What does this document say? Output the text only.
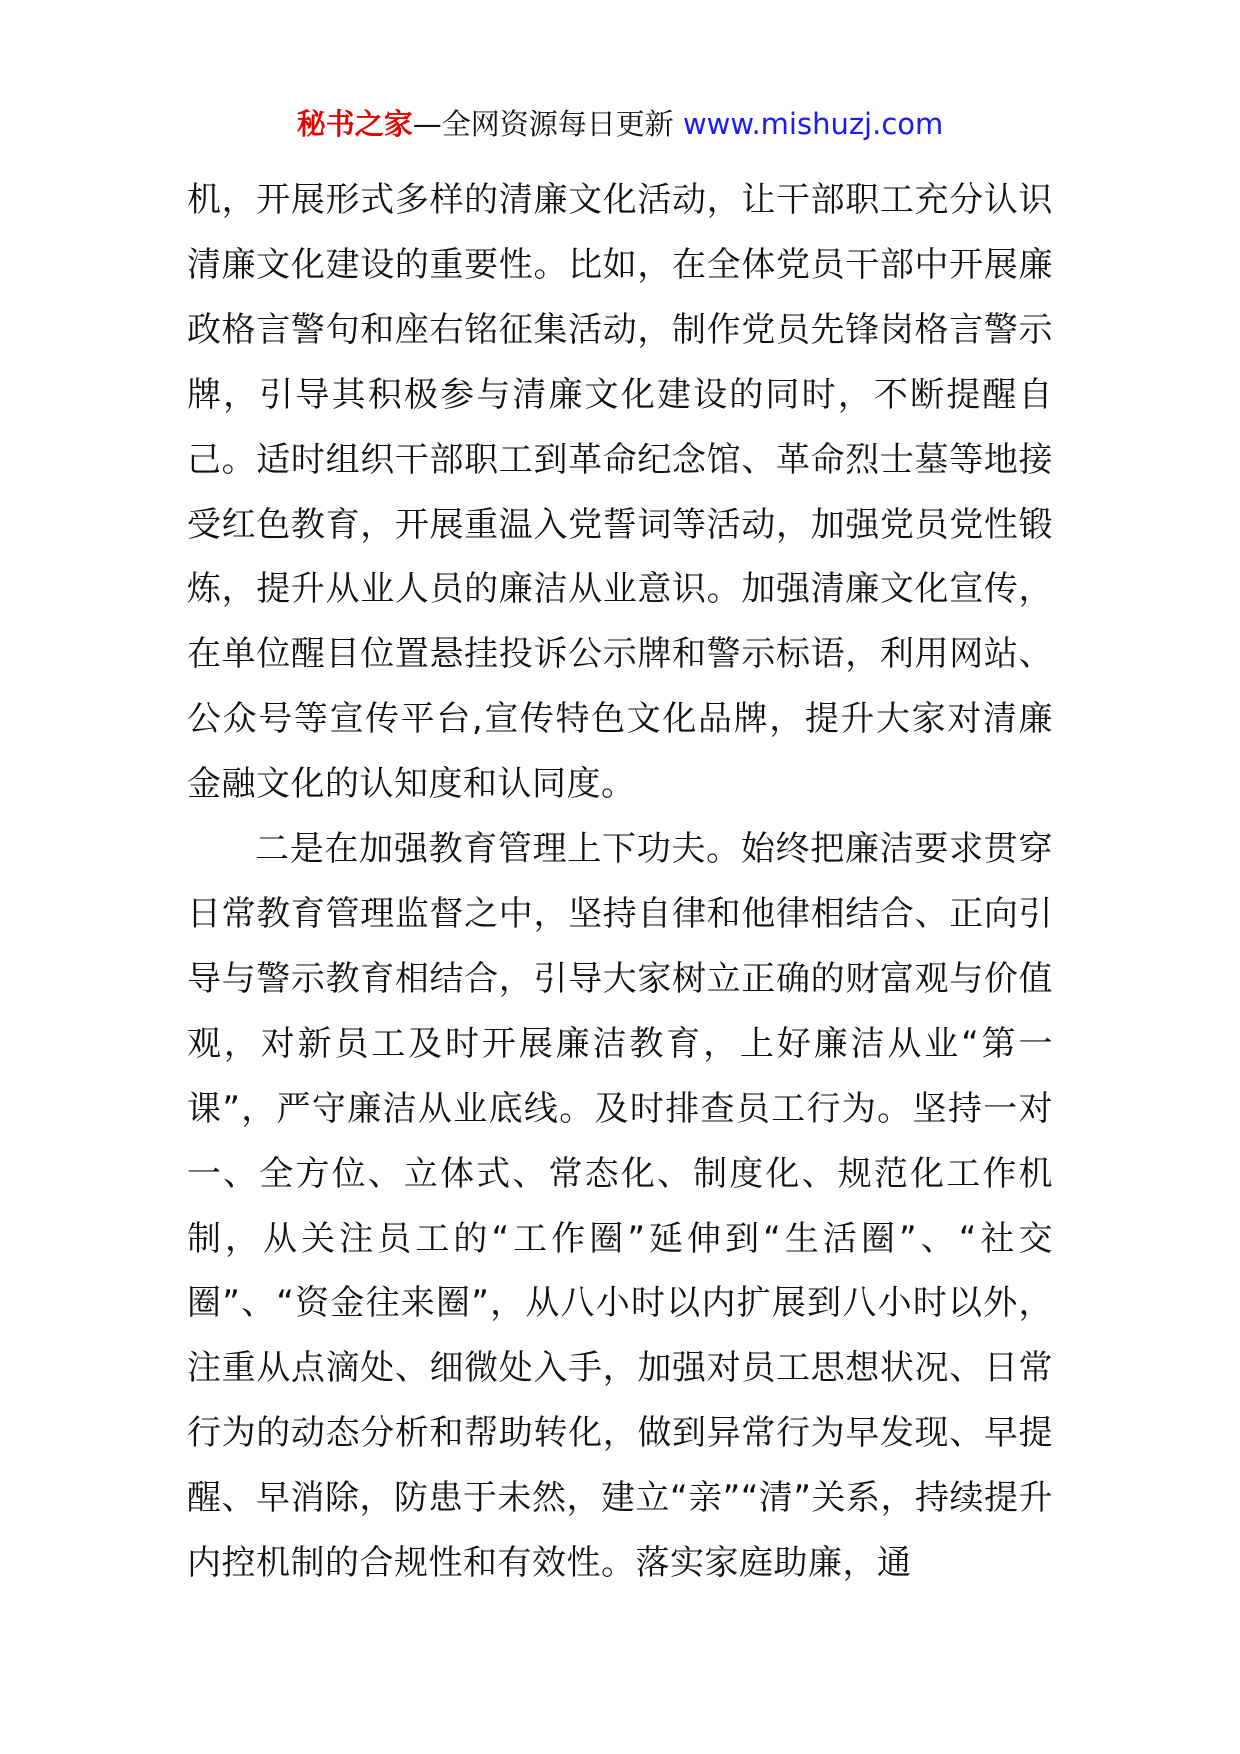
秘书之家—全网资源每日更新 www.mishuzj.com

机，开展形式多样的清廉文化活动，让干部职工充分认识清廉文化建设的重要性。比如，在全体党员干部中开展廉政格言警句和座右铭征集活动，制作党员先锋岗格言警示牌，引导其积极参与清廉文化建设的同时，不断提醒自己。适时组织干部职工到革命纪念馆、革命烈士墓等地接受红色教育，开展重温入党誓词等活动，加强党员党性锻炼，提升从业人员的廉洁从业意识。加强清廉文化宣传，在单位醒目位置悬挂投诉公示牌和警示标语，利用网站、公众号等宣传平台,宣传特色文化品牌，提升大家对清廉金融文化的认知度和认同度。

二是在加强教育管理上下功夫。始终把廉洁要求贯穿日常教育管理监督之中，坚持自律和他律相结合、正向引导与警示教育相结合，引导大家树立正确的财富观与价值观，对新员工及时开展廉洁教育，上好廉洁从业“第一课”，严守廉洁从业底线。及时排查员工行为。坚持一对一、全方位、立体式、常态化、制度化、规范化工作机制，从关注员工的“工作圈”延伸到“生活圈”、“社交圈”、“资金往来圈”，从八小时以内扩展到八小时以外，注重从点滴处、细微处入手，加强对员工思想状况、日常行为的动态分析和帮助转化，做到异常行为早发现、早提醒、早消除，防患于未然，建立“亲”“清”关系，持续提升内控机制的合规性和有效性。落实家庭助廉，通
